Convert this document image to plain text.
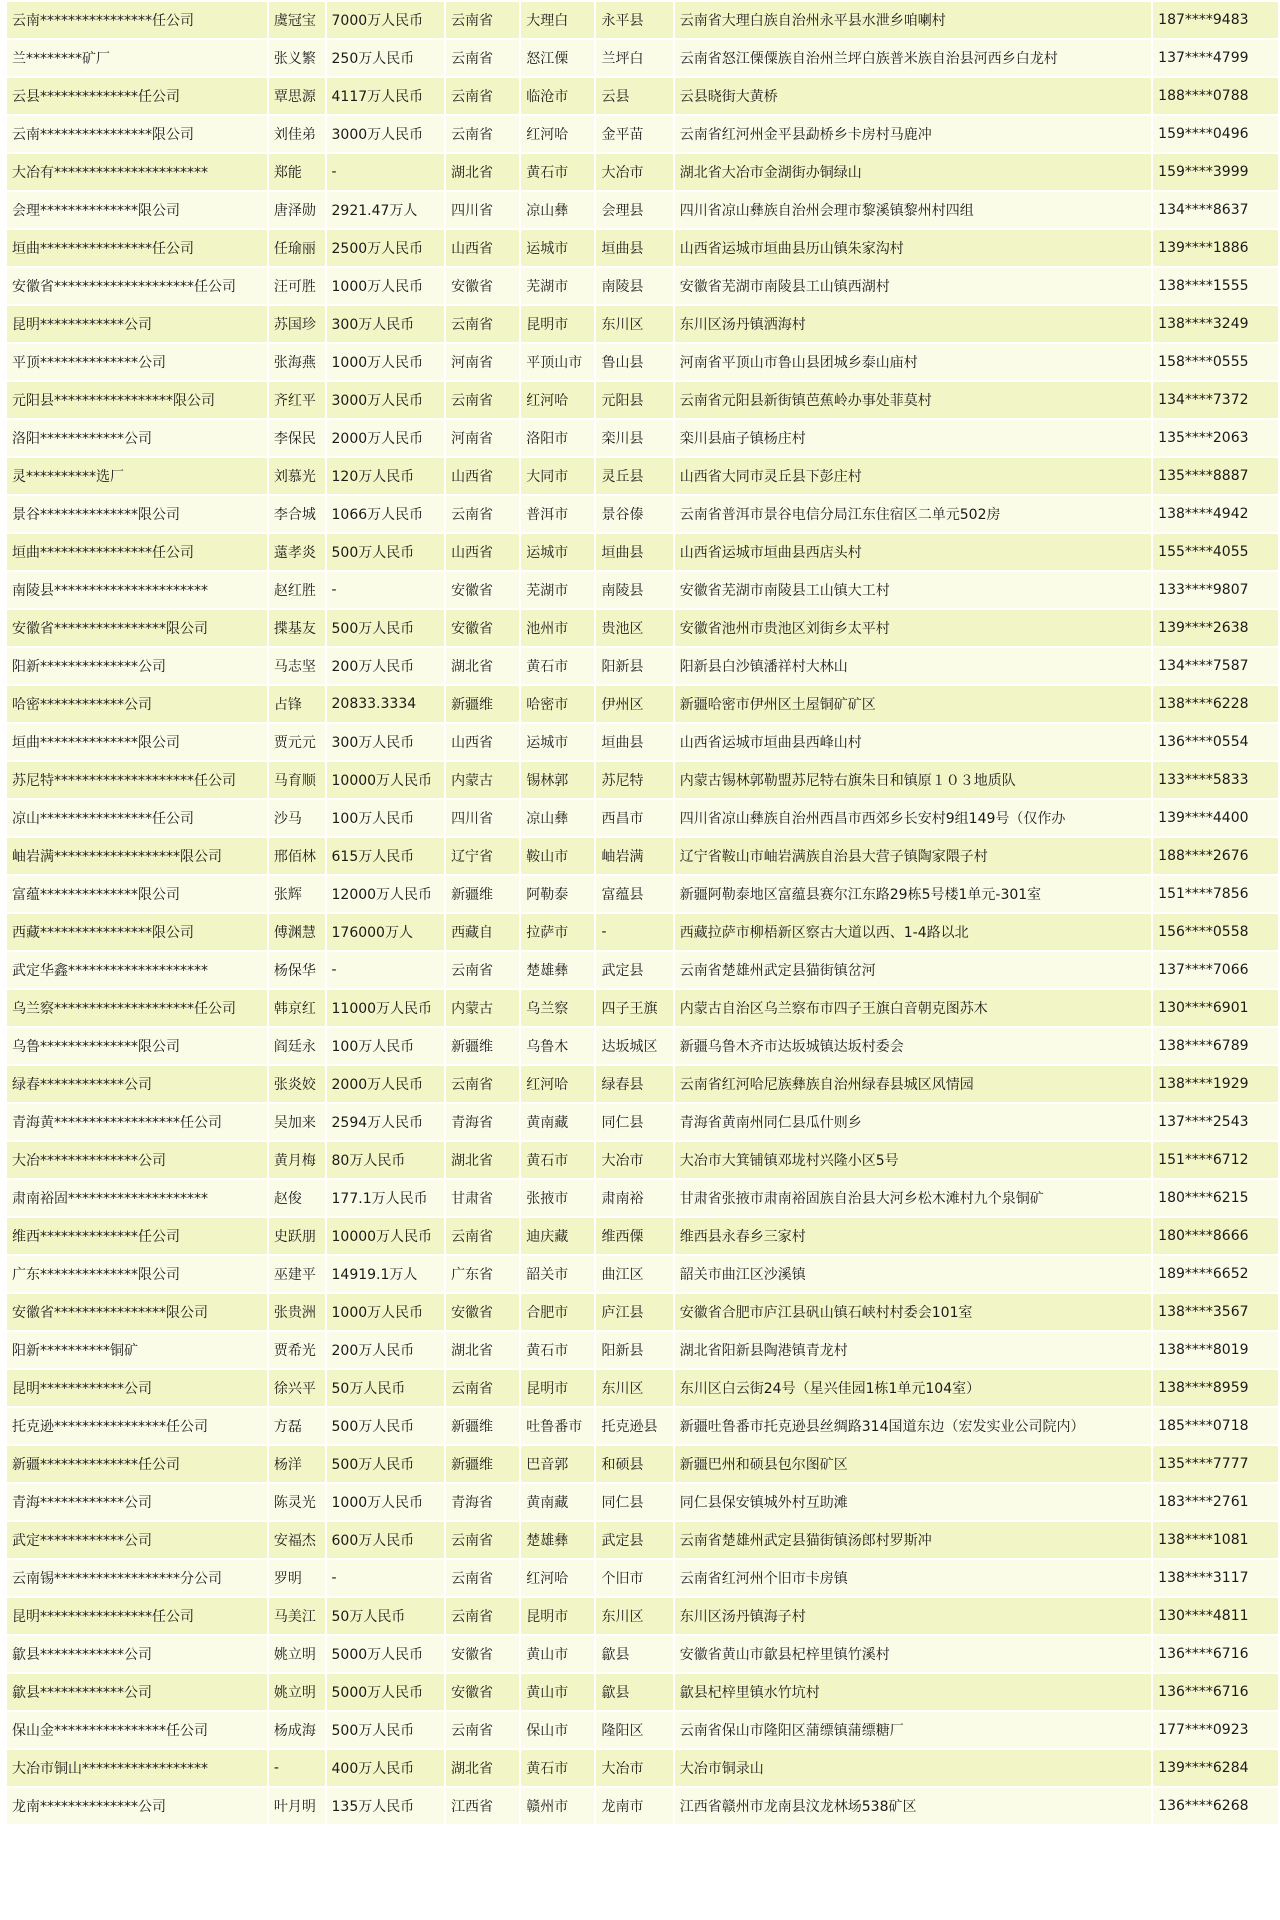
云南****************任公司	虞冠宝	7000万人民币	云南省	大理白	永平县	云南省大理白族自治州永平县水泄乡咱喇村	187****9483
兰********矿厂	张义繁	250万人民币	云南省	怒江傈	兰坪白	云南省怒江傈僳族自治州兰坪白族普米族自治县河西乡白龙村	137****4799
云县**************任公司	覃思源	4117万人民币	云南省	临沧市	云县	云县晓街大黄桥	188****0788
云南****************限公司	刘佳弟	3000万人民币	云南省	红河哈	金平苗	云南省红河州金平县勐桥乡卡房村马鹿冲	159****0496
大冶有**********************	郑能	-	湖北省	黄石市	大冶市	湖北省大冶市金湖街办铜绿山	159****3999
会理**************限公司	唐泽勋	2921.47万人	四川省	凉山彝	会理县	四川省凉山彝族自治州会理市黎溪镇黎州村四组	134****8637
垣曲****************任公司	任瑜丽	2500万人民币	山西省	运城市	垣曲县	山西省运城市垣曲县历山镇朱家沟村	139****1886
安徽省********************任公司	汪可胜	1000万人民币	安徽省	芜湖市	南陵县	安徽省芜湖市南陵县工山镇西湖村	138****1555
昆明************公司	苏国珍	300万人民币	云南省	昆明市	东川区	东川区汤丹镇洒海村	138****3249
平顶**************公司	张海燕	1000万人民币	河南省	平顶山市	鲁山县	河南省平顶山市鲁山县团城乡泰山庙村	158****0555
元阳县*****************限公司	齐红平	3000万人民币	云南省	红河哈	元阳县	云南省元阳县新街镇芭蕉岭办事处菲莫村	134****7372
洛阳************公司	李保民	2000万人民币	河南省	洛阳市	栾川县	栾川县庙子镇杨庄村	135****2063
灵**********选厂	刘慕光	120万人民币	山西省	大同市	灵丘县	山西省大同市灵丘县下彭庄村	135****8887
景谷**************限公司	李合城	1066万人民币	云南省	普洱市	景谷傣	云南省普洱市景谷电信分局江东住宿区二单元502房	138****4942
垣曲****************任公司	薳孝炎	500万人民币	山西省	运城市	垣曲县	山西省运城市垣曲县西店头村	155****4055
南陵县**********************	赵红胜	-	安徽省	芜湖市	南陵县	安徽省芜湖市南陵县工山镇大工村	133****9807
安徽省****************限公司	揲基友	500万人民币	安徽省	池州市	贵池区	安徽省池州市贵池区刘街乡太平村	139****2638
阳新**************公司	马志坚	200万人民币	湖北省	黄石市	阳新县	阳新县白沙镇潘祥村大林山	134****7587
哈密************公司	占锋	20833.3334	新疆维	哈密市	伊州区	新疆哈密市伊州区土屋铜矿矿区	138****6228
垣曲**************限公司	贾元元	300万人民币	山西省	运城市	垣曲县	山西省运城市垣曲县西峰山村	136****0554
苏尼特********************任公司	马育顺	10000万人民币	内蒙古	锡林郭	苏尼特	内蒙古锡林郭勒盟苏尼特右旗朱日和镇原１０３地质队	133****5833
凉山****************任公司	沙马	100万人民币	四川省	凉山彝	西昌市	四川省凉山彝族自治州西昌市西郊乡长安村9组149号（仅作办	139****4400
岫岩满******************限公司	邢佰林	615万人民币	辽宁省	鞍山市	岫岩满	辽宁省鞍山市岫岩满族自治县大营子镇陶家隈子村	188****2676
富蕴**************限公司	张辉	12000万人民币	新疆维	阿勒泰	富蕴县	新疆阿勒泰地区富蕴县赛尔江东路29栋5号楼1单元-301室	151****7856
西藏****************限公司	傅渊慧	176000万人	西藏自	拉萨市	-	西藏拉萨市柳梧新区察古大道以西、1-4路以北	156****0558
武定华鑫********************	杨保华	-	云南省	楚雄彝	武定县	云南省楚雄州武定县猫街镇岔河	137****7066
乌兰察********************任公司	韩京红	11000万人民币	内蒙古	乌兰察	四子王旗	内蒙古自治区乌兰察布市四子王旗白音朝克图苏木	130****6901
乌鲁**************限公司	阎廷永	100万人民币	新疆维	乌鲁木	达坂城区	新疆乌鲁木齐市达坂城镇达坂村委会	138****6789
绿春************公司	张炎姣	2000万人民币	云南省	红河哈	绿春县	云南省红河哈尼族彝族自治州绿春县城区风情园	138****1929
青海黄******************任公司	吴加来	2594万人民币	青海省	黄南藏	同仁县	青海省黄南州同仁县瓜什则乡	137****2543
大冶**************公司	黄月梅	80万人民币	湖北省	黄石市	大冶市	大冶市大箕铺镇邓垅村兴隆小区5号	151****6712
肃南裕固********************	赵俊	177.1万人民币	甘肃省	张掖市	肃南裕	甘肃省张掖市肃南裕固族自治县大河乡松木滩村九个泉铜矿	180****6215
维西**************任公司	史跃朋	10000万人民币	云南省	迪庆藏	维西傈	维西县永春乡三家村	180****8666
广东**************限公司	巫建平	14919.1万人	广东省	韶关市	曲江区	韶关市曲江区沙溪镇	189****6652
安徽省****************限公司	张贵洲	1000万人民币	安徽省	合肥市	庐江县	安徽省合肥市庐江县矾山镇石峡村村委会101室	138****3567
阳新**********铜矿	贾希光	200万人民币	湖北省	黄石市	阳新县	湖北省阳新县陶港镇青龙村	138****8019
昆明************公司	徐兴平	50万人民币	云南省	昆明市	东川区	东川区白云街24号（星兴佳园1栋1单元104室）	138****8959
托克逊****************任公司	方磊	500万人民币	新疆维	吐鲁番市	托克逊县	新疆吐鲁番市托克逊县丝绸路314国道东边（宏发实业公司院内）	185****0718
新疆**************任公司	杨洋	500万人民币	新疆维	巴音郭	和硕县	新疆巴州和硕县包尔图矿区	135****7777
青海************公司	陈灵光	1000万人民币	青海省	黄南藏	同仁县	同仁县保安镇城外村互助滩	183****2761
武定************公司	安福杰	600万人民币	云南省	楚雄彝	武定县	云南省楚雄州武定县猫街镇汤郎村罗斯冲	138****1081
云南锡******************分公司	罗明	-	云南省	红河哈	个旧市	云南省红河州个旧市卡房镇	138****3117
昆明****************任公司	马美江	50万人民币	云南省	昆明市	东川区	东川区汤丹镇海子村	130****4811
歙县************公司	姚立明	5000万人民币	安徽省	黄山市	歙县	安徽省黄山市歙县杞梓里镇竹溪村	136****6716
歙县************公司	姚立明	5000万人民币	安徽省	黄山市	歙县	歙县杞梓里镇水竹坑村	136****6716
保山金****************任公司	杨成海	500万人民币	云南省	保山市	隆阳区	云南省保山市隆阳区蒲缥镇蒲缥糖厂	177****0923
大冶市铜山******************	-	400万人民币	湖北省	黄石市	大冶市	大冶市铜录山	139****6284
龙南**************公司	叶月明	135万人民币	江西省	赣州市	龙南市	江西省赣州市龙南县汶龙林场538矿区	136****6268
